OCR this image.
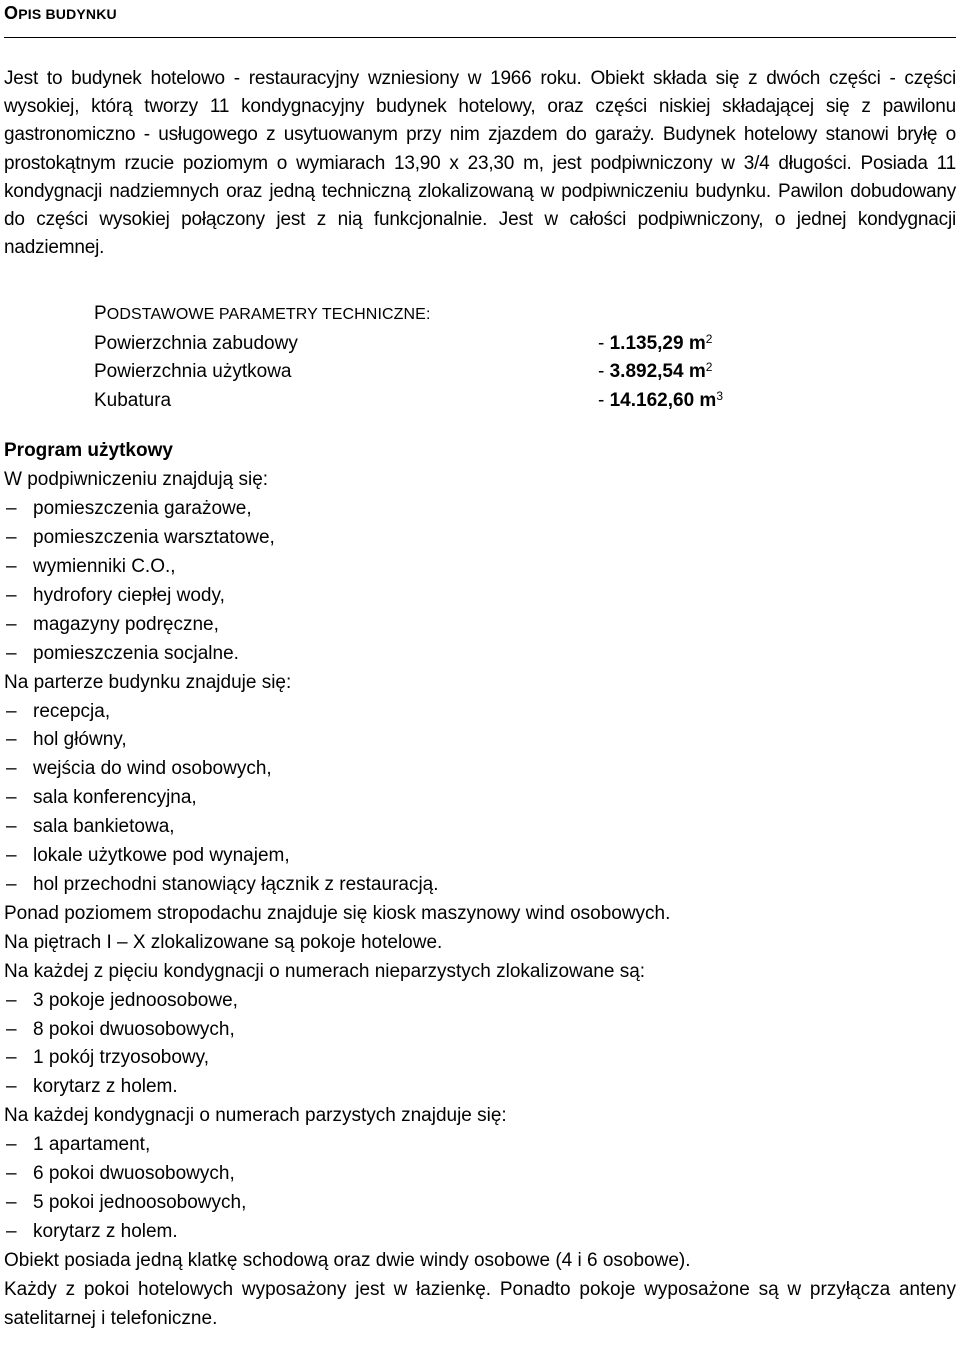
OPIS BUDYNKU

Jest to budynek hotelowo - restauracyjny wzniesiony w 1966 roku. Obiekt składa się z dwóch części - części wysokiej, którą tworzy 11 kondygnacyjny budynek hotelowy, oraz części niskiej składającej się z pawilonu gastronomiczno - usługowego z usytuowanym przy nim zjazdem do garaży. Budynek hotelowy stanowi bryłę o prostokątnym rzucie poziomym o wymiarach 13,90 x 23,30 m, jest podpiwniczony w 3/4 długości. Posiada 11 kondygnacji nadziemnych oraz jedną techniczną zlokalizowaną w podpiwniczeniu budynku. Pawilon dobudowany do części wysokiej połączony jest z nią funkcjonalnie. Jest w całości podpiwniczony, o jednej kondygnacji nadziemnej.

PODSTAWOWE PARAMETRY TECHNICZNE:
Powierzchnia zabudowy	- 1.135,29 $m^2$
Powierzchnia użytkowa	- 3.892,54 $m^2$
Kubatura	- 14.162,60 $m^3$
Program użytkowy
W podpiwniczeniu znajdują się:
– pomieszczenia garażowe,
– pomieszczenia warsztatowe,
– wymienniki C.O.,
– hydrofory ciepłej wody,
– magazyny podręczne,
– pomieszczenia socjalne.
Na parterze budynku znajduje się:
– recepcja,
– hol główny,
– wejścia do wind osobowych,
– sala konferencyjna,
– sala bankietowa,
– lokale użytkowe pod wynajem,
– hol przechodni stanowiący łącznik z restauracją.
Ponad poziomem stropodachu znajduje się kiosk maszynowy wind osobowych.
Na piętrach I – X zlokalizowane są pokoje hotelowe.
Na każdej z pięciu kondygnacji o numerach nieparzystych zlokalizowane są:
– 3 pokoje jednoosobowe,
– 8 pokoi dwuosobowych,
– 1 pokój trzyosobowy,
– korytarz z holem.
Na każdej kondygnacji o numerach parzystych znajduje się:
– 1 apartament,
– 6 pokoi dwuosobowych,
– 5 pokoi jednoosobowych,
– korytarz z holem.
Obiekt posiada jedną klatkę schodową oraz dwie windy osobowe (4 i 6 osobowe).
Każdy z pokoi hotelowych wyposażony jest w łazienkę. Ponadto pokoje wyposażone są w przyłącza anteny satelitarnej i telefoniczne.
